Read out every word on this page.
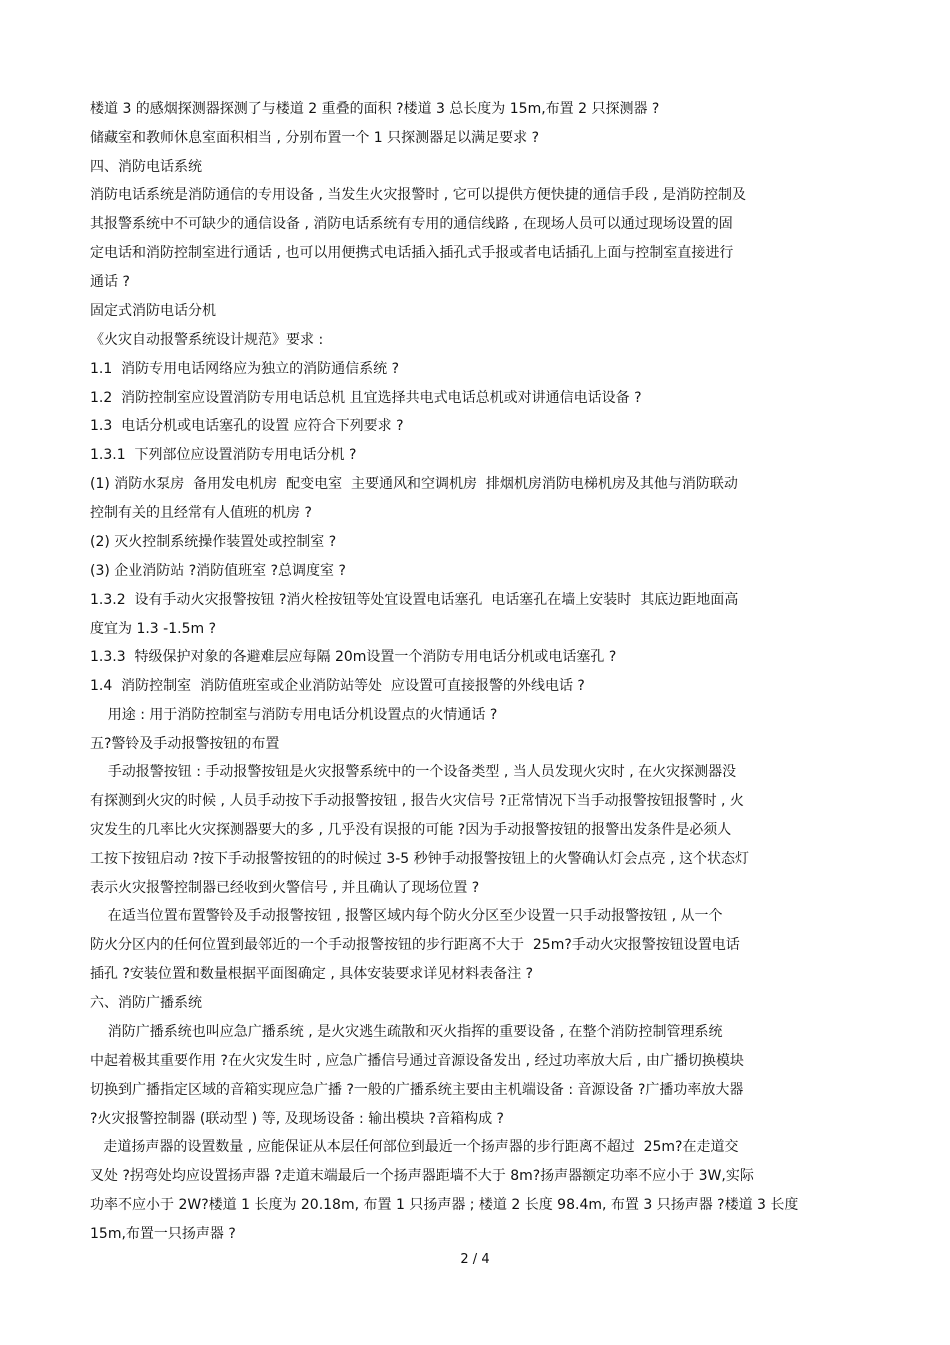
楼道 3 的感烟探测器探测了与楼道 2 重叠的面积 ?楼道 3 总长度为 15m,布置 2 只探测器 ?
储藏室和教师休息室面积相当 , 分别布置一个 1 只探测器足以满足要求 ?
四、消防电话系统
消防电话系统是消防通信的专用设备 , 当发生火灾报警时 , 它可以提供方便快捷的通信手段 , 是消防控制及
其报警系统中不可缺少的通信设备 , 消防电话系统有专用的通信线路 , 在现场人员可以通过现场设置的固
定电话和消防控制室进行通话 , 也可以用便携式电话插入插孔式手报或者电话插孔上面与控制室直接进行
通话 ?
固定式消防电话分机
《火灾自动报警系统设计规范》要求 :
1.1  消防专用电话网络应为独立的消防通信系统 ?
1.2  消防控制室应设置消防专用电话总机 且宜选择共电式电话总机或对讲通信电话设备 ?
1.3  电话分机或电话塞孔的设置 应符合下列要求 ?
1.3.1  下列部位应设置消防专用电话分机 ?
(1) 消防水泵房  备用发电机房  配变电室  主要通风和空调机房  排烟机房消防电梯机房及其他与消防联动
控制有关的且经常有人值班的机房 ?
(2) 灭火控制系统操作装置处或控制室 ?
(3) 企业消防站 ?消防值班室 ?总调度室 ?
1.3.2  设有手动火灾报警按钮 ?消火栓按钮等处宜设置电话塞孔  电话塞孔在墙上安装时  其底边距地面高
度宜为 1.3 -1.5m ?
1.3.3  特级保护对象的各避难层应每隔 20m设置一个消防专用电话分机或电话塞孔 ?
1.4  消防控制室  消防值班室或企业消防站等处  应设置可直接报警的外线电话 ?
用途 : 用于消防控制室与消防专用电话分机设置点的火情通话 ?
五?警铃及手动报警按钮的布置
手动报警按钮 : 手动报警按钮是火灾报警系统中的一个设备类型 , 当人员发现火灾时 , 在火灾探测器没
有探测到火灾的时候 , 人员手动按下手动报警按钮 , 报告火灾信号 ?正常情况下当手动报警按钮报警时 , 火
灾发生的几率比火灾探测器要大的多 , 几乎没有误报的可能 ?因为手动报警按钮的报警出发条件是必须人
工按下按钮启动 ?按下手动报警按钮的的时候过 3-5 秒钟手动报警按钮上的火警确认灯会点亮 , 这个状态灯
表示火灾报警控制器已经收到火警信号 , 并且确认了现场位置 ?
在适当位置布置警铃及手动报警按钮 , 报警区域内每个防火分区至少设置一只手动报警按钮 , 从一个
防火分区内的任何位置到最邻近的一个手动报警按钮的步行距离不大于  25m?手动火灾报警按钮设置电话
插孔 ?安装位置和数量根据平面图确定 , 具体安装要求详见材料表备注 ?
六、消防广播系统
消防广播系统也叫应急广播系统 , 是火灾逃生疏散和灭火指挥的重要设备 , 在整个消防控制管理系统
中起着极其重要作用 ?在火灾发生时 , 应急广播信号通过音源设备发出 , 经过功率放大后 , 由广播切换模块
切换到广播指定区域的音箱实现应急广播 ?一般的广播系统主要由主机端设备 : 音源设备 ?广播功率放大器
?火灾报警控制器 (联动型 ) 等, 及现场设备 : 输出模块 ?音箱构成 ?
走道扬声器的设置数量 , 应能保证从本层任何部位到最近一个扬声器的步行距离不超过  25m?在走道交
叉处 ?拐弯处均应设置扬声器 ?走道末端最后一个扬声器距墙不大于 8m?扬声器额定功率不应小于 3W,实际
功率不应小于 2W?楼道 1 长度为 20.18m, 布置 1 只扬声器 ; 楼道 2 长度 98.4m, 布置 3 只扬声器 ?楼道 3 长度
15m,布置一只扬声器 ?
2 / 4
